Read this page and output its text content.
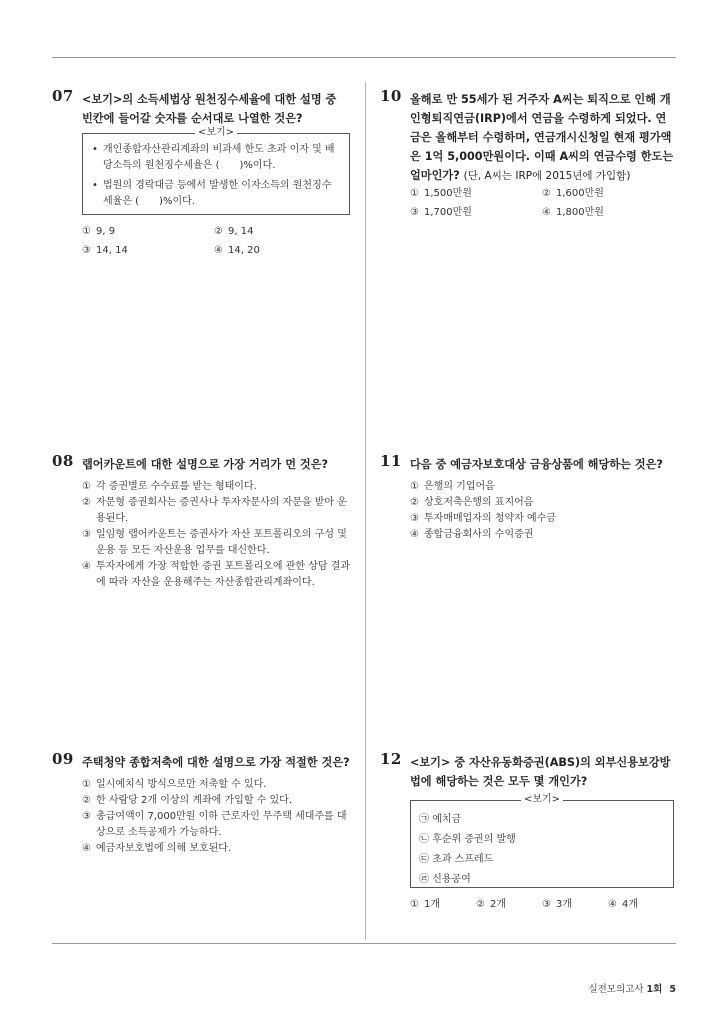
07 <보기>의 소득세법상 원천징수세율에 대한 설명 중 빈칸에 들어갈 숫자를 순서대로 나열한 것은?
<보기>
• 개인종합자산관리계좌의 비과세 한도 초과 이자 및 배당소득의 원천징수세율은 (　　)%이다.
• 법원의 경락대금 등에서 발생한 이자소득의 원천징수세율은 (　　)%이다.
① 9, 9	② 9, 14
③ 14, 14	④ 14, 20
08 랩어카운트에 대한 설명으로 가장 거리가 먼 것은?
① 각 증권별로 수수료를 받는 형태이다.
② 자문형 증권회사는 증권사나 투자자문사의 자문을 받아 운용된다.
③ 일임형 랩어카운트는 증권사가 자산 포트폴리오의 구성 및 운용 등 모든 자산운용 업무를 대신한다.
④ 투자자에게 가장 적합한 증권 포트폴리오에 관한 상담 결과에 따라 자산을 운용해주는 자산종합관리계좌이다.
09 주택청약 종합저축에 대한 설명으로 가장 적절한 것은?
① 일시예치식 방식으로만 저축할 수 있다.
② 한 사람당 2개 이상의 계좌에 가입할 수 있다.
③ 총급여액이 7,000만원 이하 근로자인 무주택 세대주를 대상으로 소득공제가 가능하다.
④ 예금자보호법에 의해 보호된다.
10 올해로 만 55세가 된 거주자 A씨는 퇴직으로 인해 개인형퇴직연금(IRP)에서 연금을 수령하게 되었다. 연금은 올해부터 수령하며, 연금개시신청일 현재 평가액은 1억 5,000만원이다. 이때 A씨의 연금수령 한도는 얼마인가? (단, A씨는 IRP에 2015년에 가입함)
① 1,500만원	② 1,600만원
③ 1,700만원	④ 1,800만원
11 다음 중 예금자보호대상 금융상품에 해당하는 것은?
① 은행의 기업어음
② 상호저축은행의 표지어음
③ 투자매매업자의 청약자 예수금
④ 종합금융회사의 수익증권
12 <보기> 중 자산유동화증권(ABS)의 외부신용보강방법에 해당하는 것은 모두 몇 개인가?
<보기>
㉠ 예치금
㉡ 후순위 증권의 발행
㉢ 초과 스프레드
㉣ 신용공여
① 1개	② 2개	③ 3개	④ 4개
실전모의고사 1회 5
